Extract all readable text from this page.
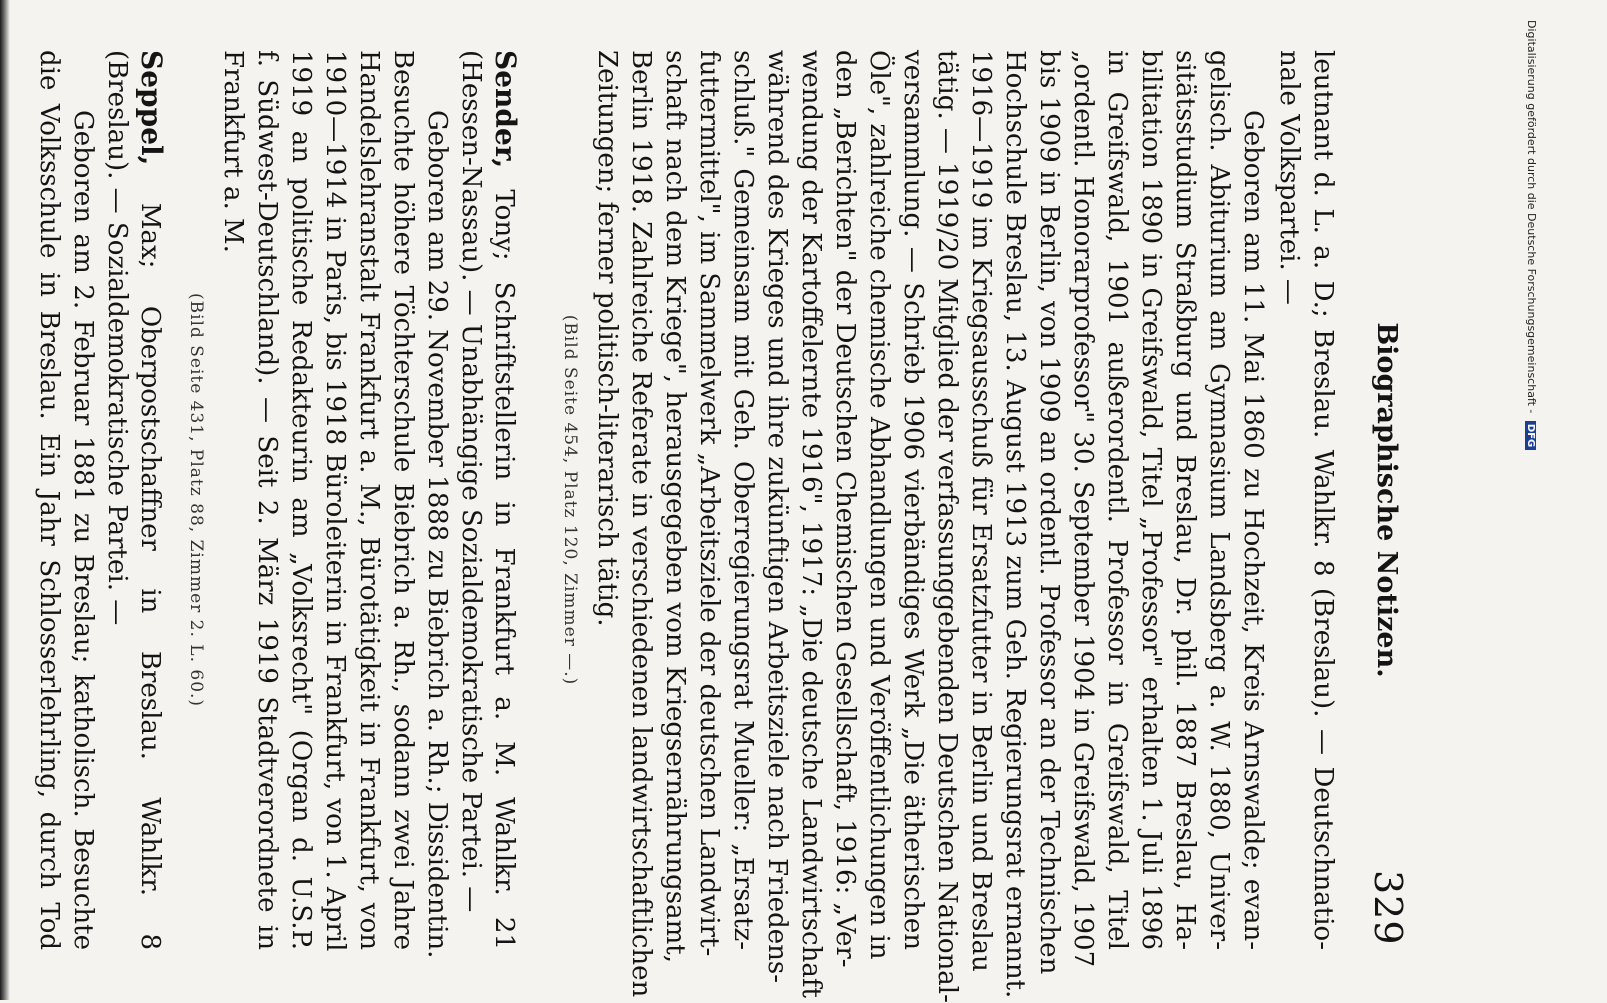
Biographische Notizen.
329
leutnant d. L. a. D.; Breslau. Wahlkr. 8 (Breslau). — Deutschnatio-
nale Volkspartei. —
Geboren am 11. Mai 1860 zu Hochzeit, Kreis Arnswalde; evan-
gelisch. Abiturium am Gymnasium Landsberg a. W. 1880, Univer-
sitätsstudium Straßburg und Breslau, Dr. phil. 1887 Breslau, Ha-
bilitation 1890 in Greifswald, Titel „Professor" erhalten 1. Juli 1896
in Greifswald, 1901 außerordentl. Professor in Greifswald, Titel
„ordentl. Honorarprofessor" 30. September 1904 in Greifswald, 1907
bis 1909 in Berlin, von 1909 an ordentl. Professor an der Technischen
Hochschule Breslau, 13. August 1913 zum Geh. Regierungsrat ernannt.
1916—1919 im Kriegsausschuß für Ersatzfutter in Berlin und Breslau
tätig. — 1919/20 Mitglied der verfassunggebenden Deutschen National-
versammlung. — Schrieb 1906 vierbändiges Werk „Die ätherischen
Öle", zahlreiche chemische Abhandlungen und Veröffentlichungen in
den „Berichten" der Deutschen Chemischen Gesellschaft, 1916: „Ver-
wendung der Kartoffelernte 1916", 1917: „Die deutsche Landwirtschaft
während des Krieges und ihre zukünftigen Arbeitsziele nach Friedens-
schluß." Gemeinsam mit Geh. Oberregierungsrat Mueller: „Ersatz-
futtermittel", im Sammelwerk „Arbeitsziele der deutschen Landwirt-
schaft nach dem Kriege", herausgegeben vom Kriegsernährungsamt,
Berlin 1918. Zahlreiche Referate in verschiedenen landwirtschaftlichen
Zeitungen; ferner politisch-literarisch tätig.
(Bild Seite 454, Platz 120, Zimmer —.)
Sender, Tony; Schriftstellerin in Frankfurt a. M. Wahlkr. 21
(Hessen-Nassau). — Unabhängige Sozialdemokratische Partei. —
Geboren am 29. November 1888 zu Biebrich a. Rh.; Dissidentin.
Besuchte höhere Töchterschule Biebrich a. Rh., sodann zwei Jahre
Handelslehranstalt Frankfurt a. M., Bürotätigkeit in Frankfurt, von
1910—1914 in Paris, bis 1918 Büroleiterin in Frankfurt, von 1. April
1919 an politische Redakteurin am „Volksrecht" (Organ d. U.S.P.
f. Südwest-Deutschland). — Seit 2. März 1919 Stadtverordnete in
Frankfurt a. M.
(Bild Seite 431, Platz 88, Zimmer 2. L. 60.)
Seppel, Max; Oberpostschaffner in Breslau. Wahlkr. 8
(Breslau). — Sozialdemokratische Partei. —
Geboren am 2. Februar 1881 zu Breslau; katholisch. Besuchte
die Volksschule in Breslau. Ein Jahr Schlosserlehrling, durch Tod	Digitalisierung gefördert durch die Deutsche Forschungsgemeinschaft - DFG
